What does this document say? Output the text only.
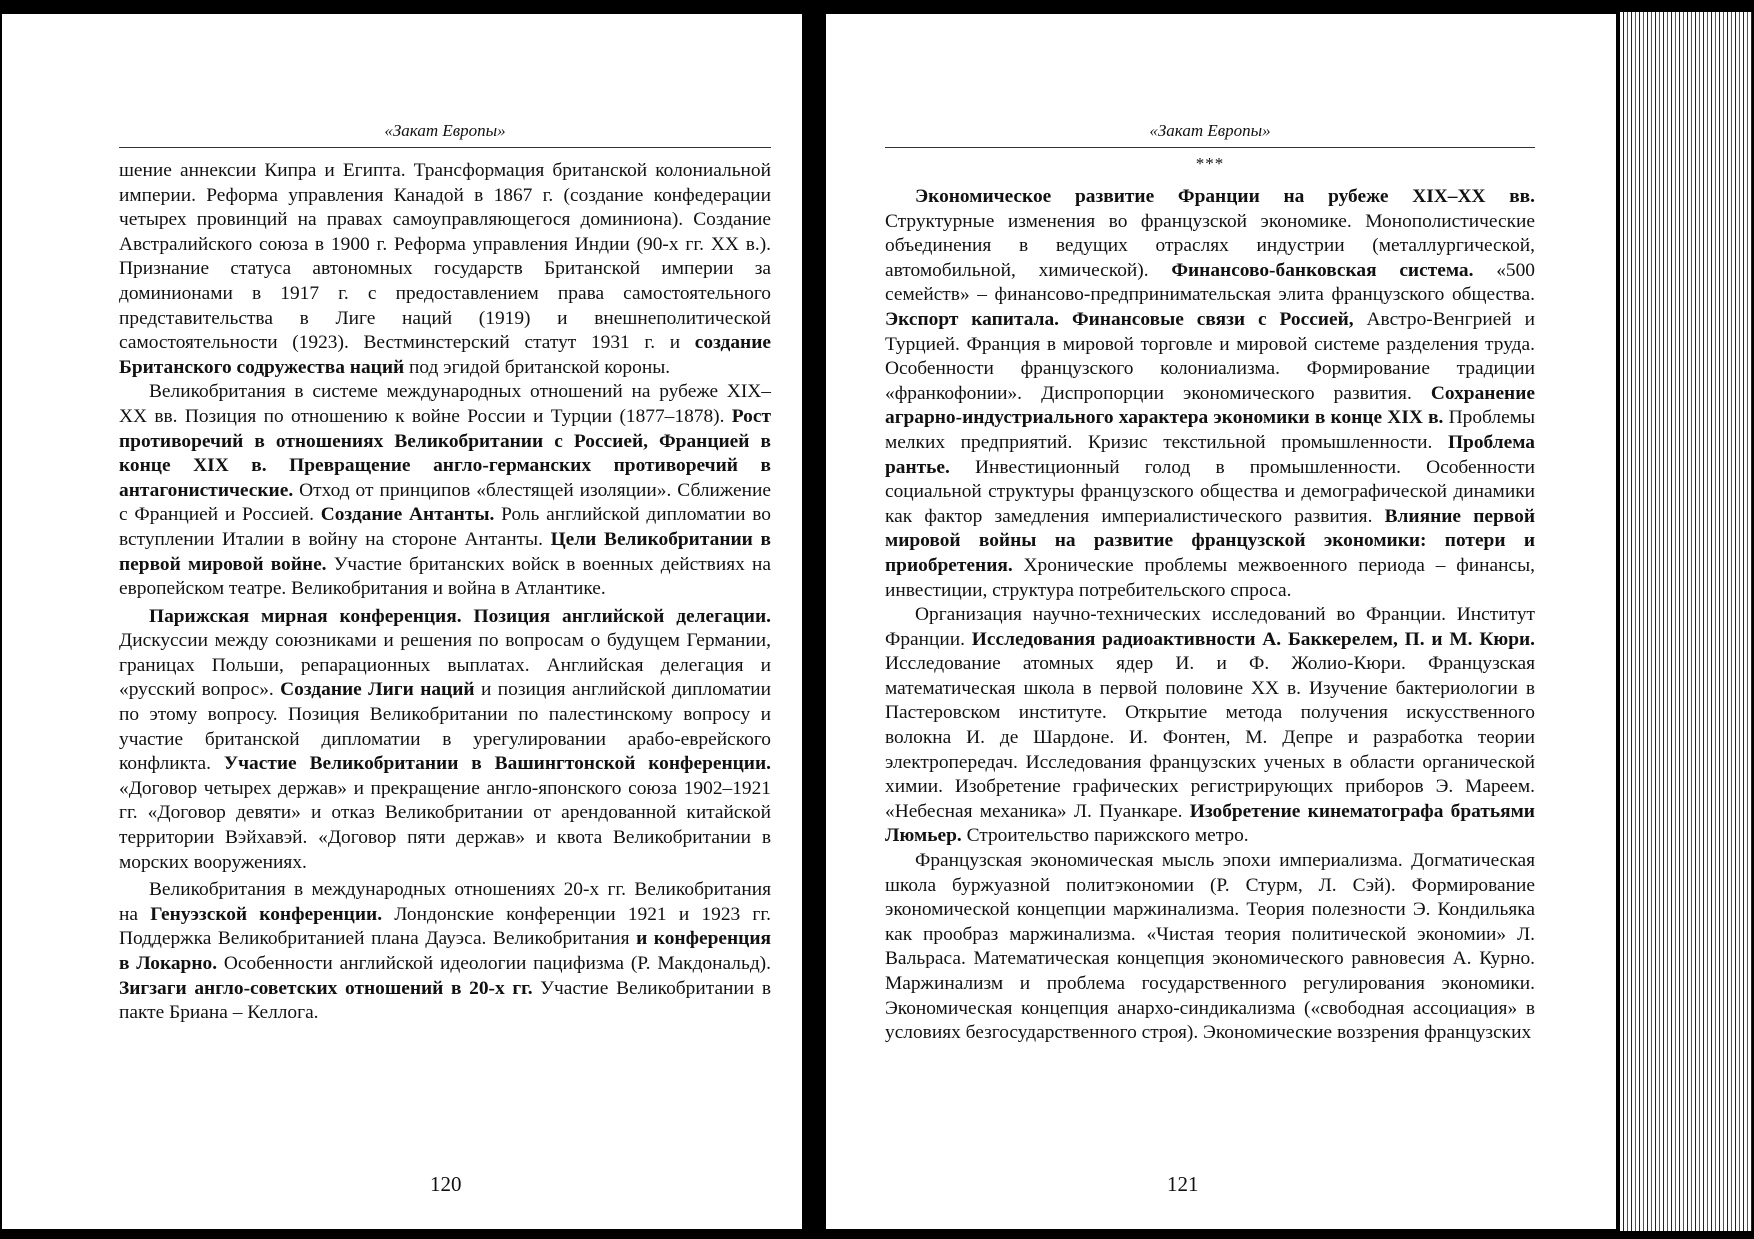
«Закат Европы»

шение аннексии Кипра и Египта. Трансформация британской колониальной империи. Реформа управления Канадой в 1867 г. (создание конфедерации четырех провинций на правах самоуправляющегося доминиона). Создание Австралийского союза в 1900 г. Реформа управления Индии (90-х гг. XX в.). Признание статуса автономных государств Британской империи за доминионами в 1917 г. с предоставлением права самостоятельного представительства в Лиге наций (1919) и внешнеполитической самостоятельности (1923). Вестминстерский статут 1931 г. и создание Британского содружества наций под эгидой британской короны.

Великобритания в системе международных отношений на рубеже XIX–XX вв. Позиция по отношению к войне России и Турции (1877–1878). Рост противоречий в отношениях Великобритании с Россией, Францией в конце XIX в. Превращение англо-германских противоречий в антагонистические. Отход от принципов «блестящей изоляции». Сближение с Францией и Россией. Создание Антанты. Роль английской дипломатии во вступлении Италии в войну на стороне Антанты. Цели Великобритании в первой мировой войне. Участие британских войск в военных действиях на европейском театре. Великобритания и война в Атлантике.

Парижская мирная конференция. Позиция английской делегации. Дискуссии между союзниками и решения по вопросам о будущем Германии, границах Польши, репарационных выплатах. Английская делегация и «русский вопрос». Создание Лиги наций и позиция английской дипломатии по этому вопросу. Позиция Великобритании по палестинскому вопросу и участие британской дипломатии в урегулировании арабо-еврейского конфликта. Участие Великобритании в Вашингтонской конференции. «Договор четырех держав» и прекращение англо-японского союза 1902–1921 гг. «Договор девяти» и отказ Великобритании от арендованной китайской территории Вэйхавэй. «Договор пяти держав» и квота Великобритании в морских вооружениях.

Великобритания в международных отношениях 20-х гг. Великобритания на Генуэзской конференции. Лондонские конференции 1921 и 1923 гг. Поддержка Великобританией плана Дауэса. Великобритания и конференция в Локарно. Особенности английской идеологии пацифизма (Р. Макдональд). Зигзаги англо-советских отношений в 20-х гг. Участие Великобритании в пакте Бриана – Келлога.

120
«Закат Европы»
***

Экономическое развитие Франции на рубеже XIX–XX вв. Структурные изменения во французской экономике. Монополистические объединения в ведущих отраслях индустрии (металлургической, автомобильной, химической). Финансово-банковская система. «500 семейств» – финансово-предпринимательская элита французского общества. Экспорт капитала. Финансовые связи с Россией, Австро-Венгрией и Турцией. Франция в мировой торговле и мировой системе разделения труда. Особенности французского колониализма. Формирование традиции «франкофонии». Диспропорции экономического развития. Сохранение аграрно-индустриального характера экономики в конце XIX в. Проблемы мелких предприятий. Кризис текстильной промышленности. Проблема рантье. Инвестиционный голод в промышленности. Особенности социальной структуры французского общества и демографической динамики как фактор замедления империалистического развития. Влияние первой мировой войны на развитие французской экономики: потери и приобретения. Хронические проблемы межвоенного периода – финансы, инвестиции, структура потребительского спроса.

Организация научно-технических исследований во Франции. Институт Франции. Исследования радиоактивности А. Баккерелем, П. и М. Кюри. Исследование атомных ядер И. и Ф. Жолио-Кюри. Французская математическая школа в первой половине XX в. Изучение бактериологии в Пастеровском институте. Открытие метода получения искусственного волокна И. де Шардоне. И. Фонтен, М. Депре и разработка теории электропередач. Исследования французских ученых в области органической химии. Изобретение графических регистрирующих приборов Э. Мареем. «Небесная механика» Л. Пуанкаре. Изобретение кинематографа братьями Люмьер. Строительство парижского метро.

Французская экономическая мысль эпохи империализма. Догматическая школа буржуазной политэкономии (Р. Стурм, Л. Сэй). Формирование экономической концепции маржинализма. Теория полезности Э. Кондильяка как прообраз маржинализма. «Чистая теория политической экономии» Л. Вальраса. Математическая концепция экономического равновесия А. Курно. Маржинализм и проблема государственного регулирования экономики. Экономическая концепция анархо-синдикализма («свободная ассоциация» в условиях безгосударственного строя). Экономические воззрения французских

121
